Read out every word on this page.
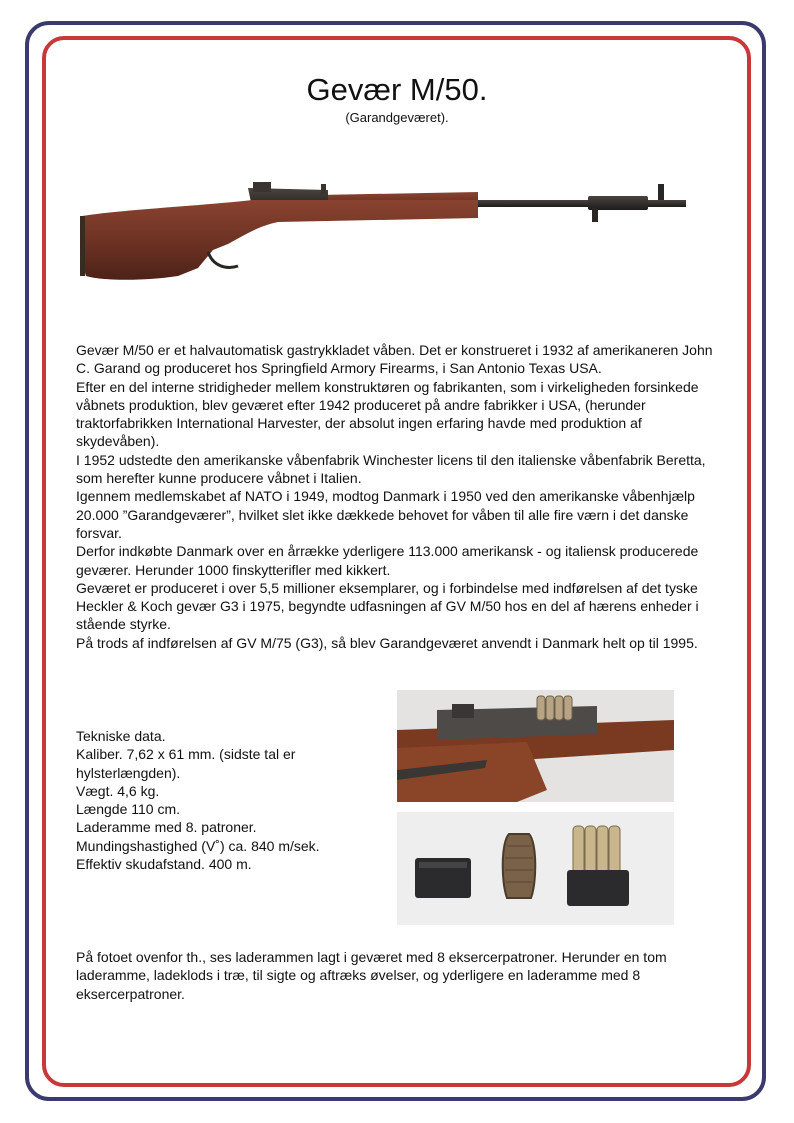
Gevær M/50.
(Garandgeværet).

Gevær M/50 er et halvautomatisk gastrykkladet våben. Det er konstrueret i 1932 af amerikaneren John C. Garand og produceret hos Springfield Armory Firearms, i San Antonio Texas USA.

Efter en del interne stridigheder mellem konstruktøren og fabrikanten, som i virkeligheden forsinkede våbnets produktion, blev geværet efter 1942 produceret på andre fabrikker i USA, (herunder traktorfabrikken International Harvester, der absolut ingen erfaring havde med produktion af skydevåben).

I 1952 udstedte den amerikanske våbenfabrik Winchester licens til den italienske våbenfabrik Beretta, som herefter kunne producere våbnet i Italien.

Igennem medlemskabet af NATO i 1949, modtog Danmark i 1950 ved den amerikanske våbenhjælp 20.000 ”Garandgeværer”, hvilket slet ikke dækkede behovet for våben til alle fire værn i det danske forsvar.

Derfor indkøbte Danmark over en årrække yderligere 113.000 amerikansk - og italiensk producerede geværer. Herunder 1000 finskytterifler med kikkert.

Geværet er produceret i over 5,5 millioner eksemplarer, og i forbindelse med indførelsen af det tyske Heckler & Koch gevær G3 i 1975, begyndte udfasningen af GV M/50 hos en del af hærens enheder i stående styrke.

På trods af indførelsen af GV M/75 (G3), så blev Garandgeværet anvendt i Danmark helt op til 1995.

Tekniske data.
Kaliber. 7,62 x 61 mm. (sidste tal er hylsterlængden).
Vægt. 4,6 kg.
Længde 110 cm.
Laderamme med 8. patroner.
Mundingshastighed (V˚) ca. 840 m/sek.
Effektiv skudafstand. 400 m.
På fotoet ovenfor th., ses laderammen lagt i geværet med 8 eksercerpatroner. Herunder en tom laderamme, ladeklods i træ, til sigte og aftræks øvelser, og yderligere en laderamme med 8 eksercerpatroner.
